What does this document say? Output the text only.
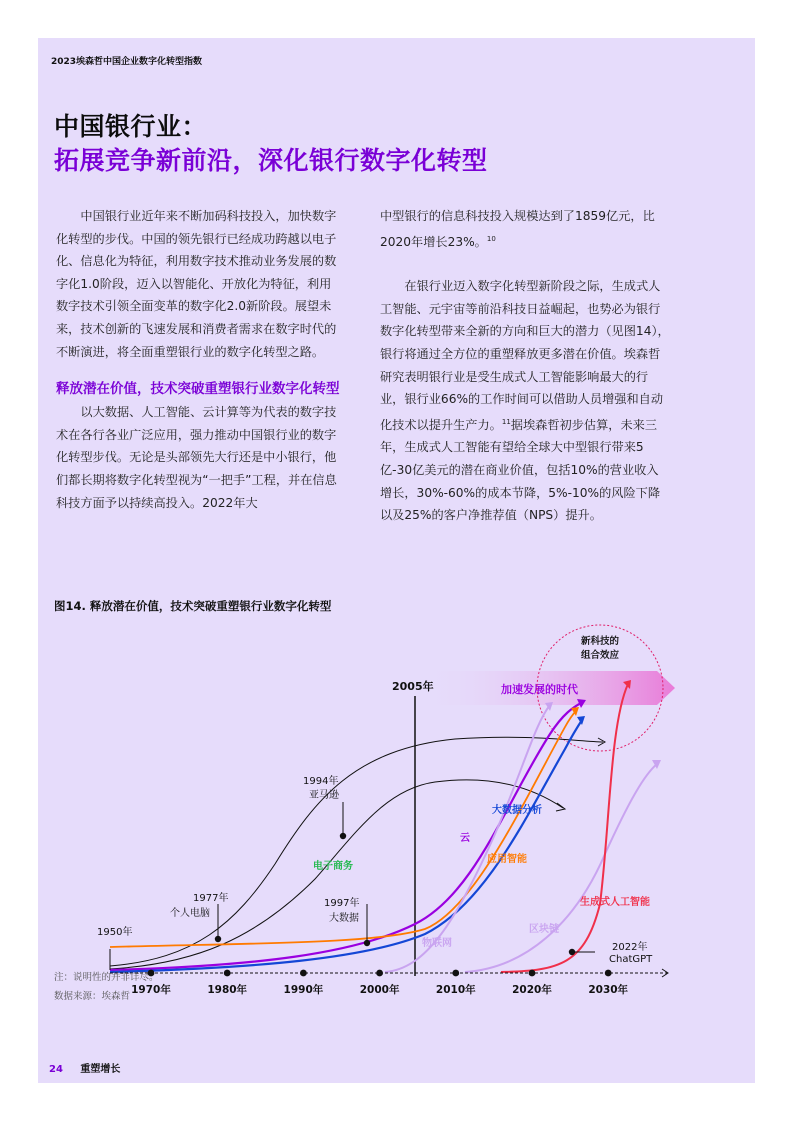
2023埃森哲中国企业数字化转型指数
中国银行业：
拓展竞争新前沿，深化银行数字化转型

中国银行业近年来不断加码科技投入，加快数字化转型的步伐。中国的领先银行已经成功跨越以电子化、信息化为特征，利用数字技术推动业务发展的数字化1.0阶段，迈入以智能化、开放化为特征，利用数字技术引领全面变革的数字化2.0新阶段。展望未来，技术创新的飞速发展和消费者需求在数字时代的不断演进，将全面重塑银行业的数字化转型之路。

释放潜在价值，技术突破重塑银行业数字化转型

以大数据、人工智能、云计算等为代表的数字技术在各行各业广泛应用，强力推动中国银行业的数字化转型步伐。无论是头部领先大行还是中小银行，他们都长期将数字化转型视为“一把手”工程，并在信息科技方面予以持续高投入。2022年大

中型银行的信息科技投入规模达到了1859亿元，比2020年增长23%。$^{10}$

在银行业迈入数字化转型新阶段之际，生成式人工智能、元宇宙等前沿科技日益崛起，也势必为银行数字化转型带来全新的方向和巨大的潜力（见图14），银行将通过全方位的重塑释放更多潜在价值。埃森哲研究表明银行业是受生成式人工智能影响最大的行业，银行业66%的工作时间可以借助人员增强和自动化技术以提升生产力。$^{11}$据埃森哲初步估算，未来三年，生成式人工智能有望给全球大中型银行带来5亿-30亿美元的潜在商业价值，包括10%的营业收入增长，30%-60%的成本节降，5%-10%的风险下降以及25%的客户净推荐值（NPS）提升。

图14. 释放潜在价值，技术突破重塑银行业数字化转型
加速发展的时代
新科技的
组合效应
2005年
电子商务
云
大数据分析
应用智能
物联网
区块链
生成式人工智能
1950年
1977年
个人电脑
1994年
亚马逊
1997年
大数据
2022年
ChatGPT
1970年	1980年	1990年	2000年	2010年	2020年	2030年
注：说明性的并非详尽。
数据来源：埃森哲
24 重塑增长
